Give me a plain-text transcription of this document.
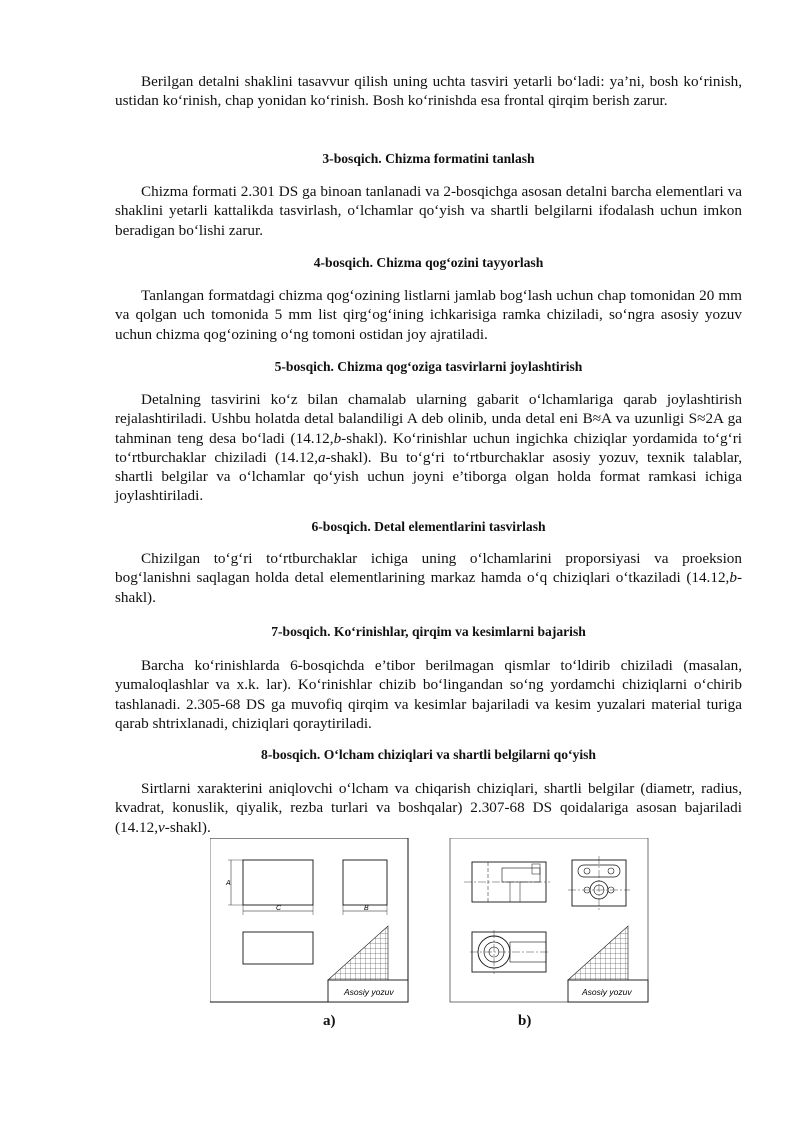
Berilgan detalni shaklini tasavvur qilish uning uchta tasviri yetarli bo‘ladi: ya’ni, bosh ko‘rinish, ustidan ko‘rinish, chap yonidan ko‘rinish. Bosh ko‘rinishda esa frontal qirqim berish zarur.

3-bosqich. Chizma formatini tanlash

Chizma formati 2.301 DS ga binoan tanlanadi va 2-bosqichga asosan detalni barcha elementlari va shaklini yetarli kattalikda tasvirlash, o‘lchamlar qo‘yish va shartli belgilarni ifodalash uchun imkon beradigan bo‘lishi zarur.

4-bosqich. Chizma qog‘ozini tayyorlash

Tanlangan formatdagi chizma qog‘ozining listlarni jamlab bog‘lash uchun chap tomonidan 20 mm va qolgan uch tomonida 5 mm list qirg‘og‘ining ichkarisiga ramka chiziladi, so‘ngra asosiy yozuv uchun chizma qog‘ozining o‘ng tomoni ostidan joy ajratiladi.

5-bosqich. Chizma qog‘oziga tasvirlarni joylashtirish

Detalning tasvirini ko‘z bilan chamalab ularning gabarit o‘lchamlariga qarab joylashtirish rejalashtiriladi. Ushbu holatda detal balandiligi A deb olinib, unda detal eni B≈A va uzunligi S≈2A ga tahminan teng desa bo‘ladi (14.12,b-shakl). Ko‘rinishlar uchun ingichka chiziqlar yordamida to‘g‘ri to‘rtburchaklar chiziladi (14.12,a-shakl). Bu to‘g‘ri to‘rtburchaklar asosiy yozuv, texnik talablar, shartli belgilar va o‘lchamlar qo‘yish uchun joyni e’tiborga olgan holda format ramkasi ichiga joylashtiriladi.

6-bosqich. Detal elementlarini tasvirlash

Chizilgan to‘g‘ri to‘rtburchaklar ichiga uning o‘lchamlarini proporsiyasi va proeksion bog‘lanishni saqlagan holda detal elementlarining markaz hamda o‘q chiziqlari o‘tkaziladi (14.12,b-shakl).

7-bosqich. Ko‘rinishlar, qirqim va kesimlarni bajarish

Barcha ko‘rinishlarda 6-bosqichda e’tibor berilmagan qismlar to‘ldirib chiziladi (masalan, yumaloqlashlar va x.k. lar). Ko‘rinishlar chizib bo‘lingandan so‘ng yordamchi chiziqlarni o‘chirib tashlanadi. 2.305-68 DS ga muvofiq qirqim va kesimlar bajariladi va kesim yuzalari material turiga qarab shtrixlanadi, chiziqlari qoraytiriladi.

8-bosqich. O‘lcham chiziqlari va shartli belgilarni qo‘yish

Sirtlarni xarakterini aniqlovchi o‘lcham va chiqarish chiziqlari, shartli belgilar (diametr, radius, kvadrat, konuslik, qiyalik, rezba turlari va boshqalar) 2.307-68 DS qoidalariga asosan bajariladi (14.12,v-shakl).

A
C	B
Asosiy yozuv	Asosiy yozuv
a)	b)
